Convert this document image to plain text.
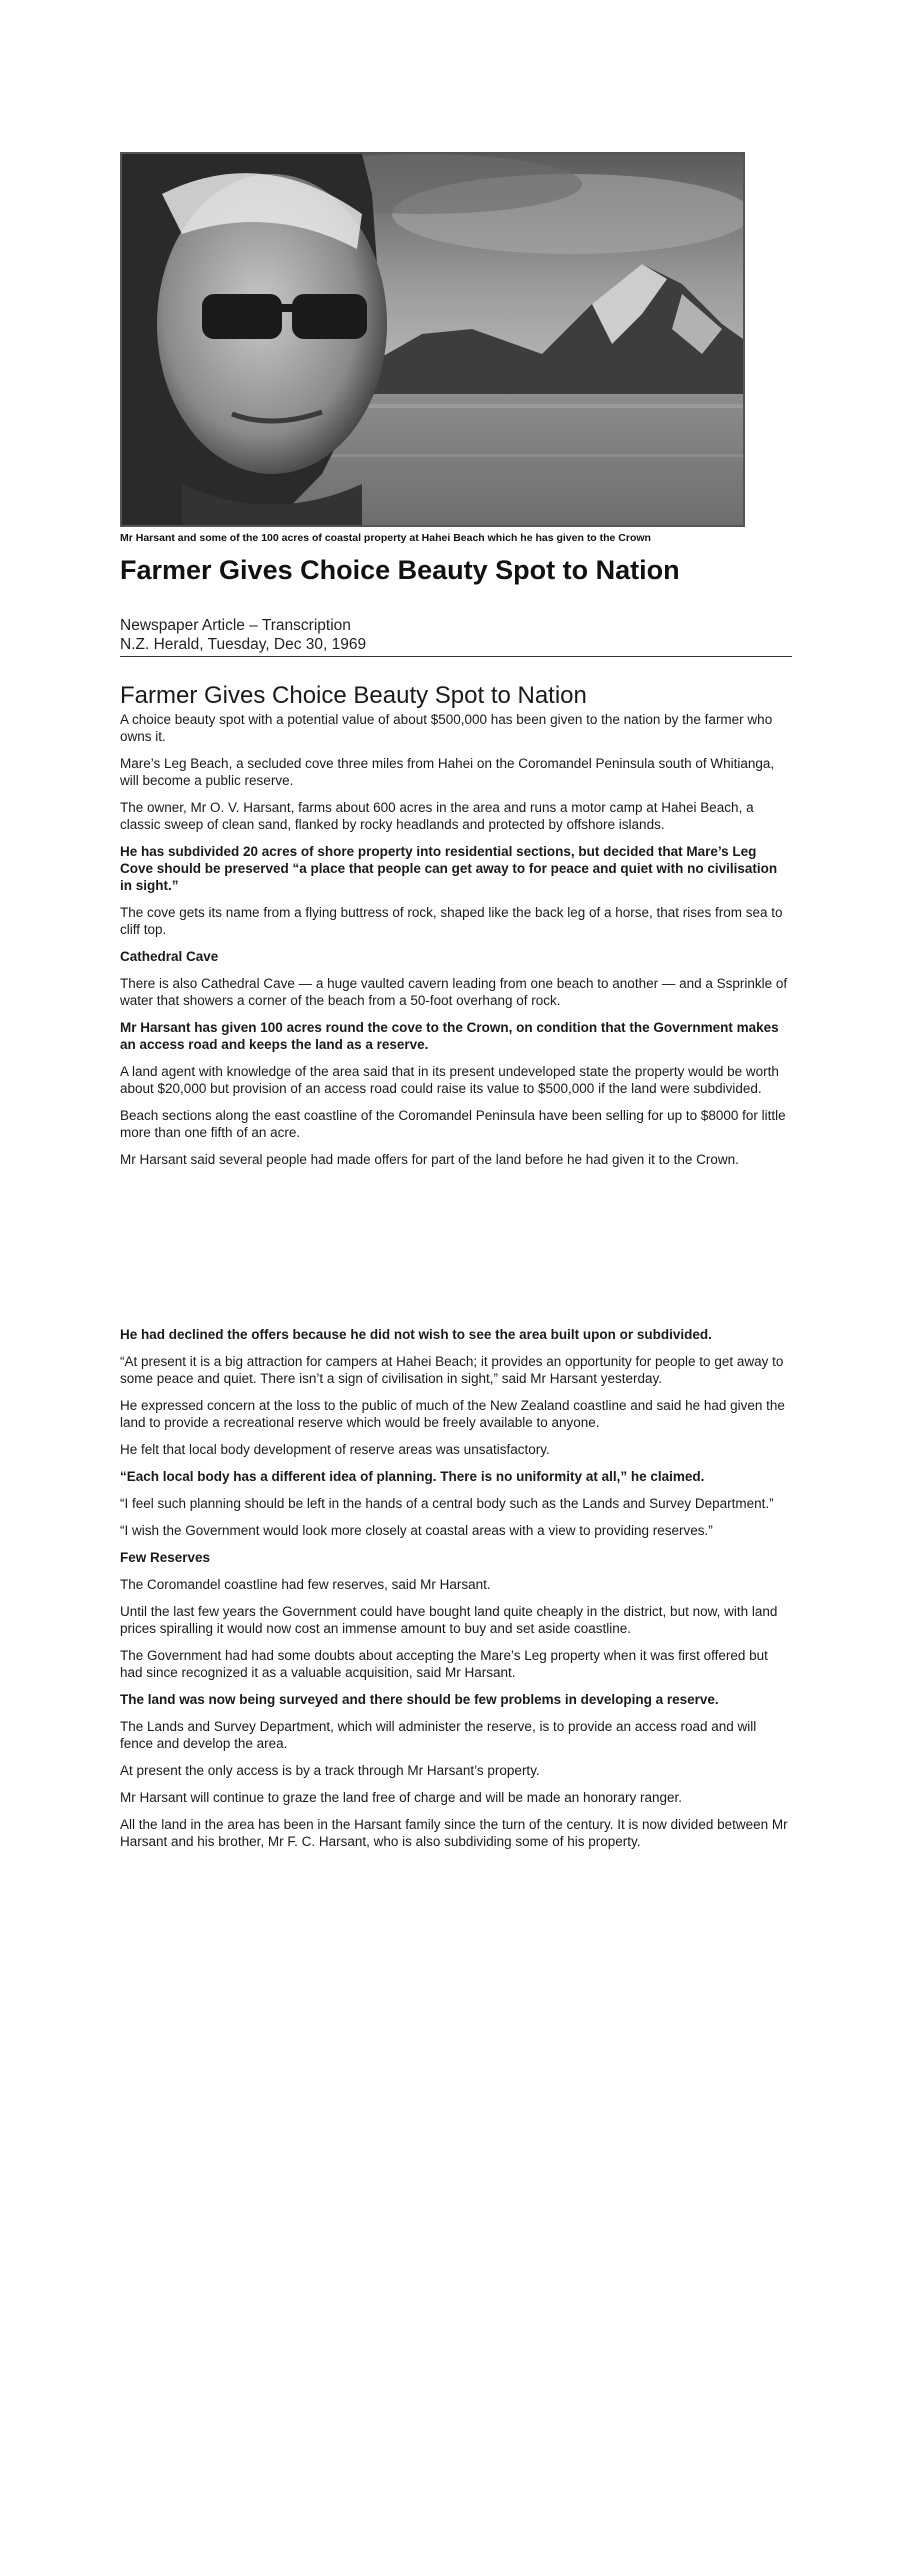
Mr Harsant and some of the 100 acres of coastal property at Hahei Beach which he has given to the Crown
Farmer Gives Choice Beauty Spot to Nation
Newspaper Article – Transcription
N.Z. Herald, Tuesday, Dec 30, 1969
Farmer Gives Choice Beauty Spot to Nation

A choice beauty spot with a potential value of about $500,000 has been given to the nation by the farmer who owns it.

Mare’s Leg Beach, a secluded cove three miles from Hahei on the Coromandel Peninsula south of Whitianga, will become a public reserve.

The owner, Mr O. V. Harsant, farms about 600 acres in the area and runs a motor camp at Hahei Beach, a classic sweep of clean sand, flanked by rocky headlands and protected by offshore islands.

He has subdivided 20 acres of shore property into residential sections, but decided that Mare’s Leg Cove should be preserved “a place that people can get away to for peace and quiet with no civilisation in sight.”

The cove gets its name from a flying buttress of rock, shaped like the back leg of a horse, that rises from sea to cliff top.

Cathedral Cave

There is also Cathedral Cave — a huge vaulted cavern leading from one beach to another — and a Ssprinkle of water that showers a corner of the beach from a 50-foot overhang of rock.

Mr Harsant has given 100 acres round the cove to the Crown, on condition that the Government makes an access road and keeps the land as a reserve.

A land agent with knowledge of the area said that in its present undeveloped state the property would be worth about $20,000 but provision of an access road could raise its value to $500,000 if the land were subdivided.

Beach sections along the east coastline of the Coromandel Peninsula have been selling for up to $8000 for little more than one fifth of an acre.

Mr Harsant said several people had made offers for part of the land before he had given it to the Crown.

He had declined the offers because he did not wish to see the area built upon or subdivided.

“At present it is a big attraction for campers at Hahei Beach; it provides an opportunity for people to get away to some peace and quiet. There isn’t a sign of civilisation in sight,” said Mr Harsant yesterday.

He expressed concern at the loss to the public of much of the New Zealand coastline and said he had given the land to provide a recreational reserve which would be freely available to anyone.

He felt that local body development of reserve areas was unsatisfactory.

“Each local body has a different idea of planning. There is no uniformity at all,” he claimed.

“I feel such planning should be left in the hands of a central body such as the Lands and Survey Department.”

“I wish the Government would look more closely at coastal areas with a view to providing reserves.”

Few Reserves

The Coromandel coastline had few reserves, said Mr Harsant.

Until the last few years the Government could have bought land quite cheaply in the district, but now, with land prices spiralling it would now cost an immense amount to buy and set aside coastline.

The Government had had some doubts about accepting the Mare’s Leg property when it was first offered but had since recognized it as a valuable acquisition, said Mr Harsant.

The land was now being surveyed and there should be few problems in developing a reserve.

The Lands and Survey Department, which will administer the reserve, is to provide an access road and will fence and develop the area.

At present the only access is by a track through Mr Harsant’s property.

Mr Harsant will continue to graze the land free of charge and will be made an honorary ranger.

All the land in the area has been in the Harsant family since the turn of the century. It is now divided between Mr Harsant and his brother, Mr F. C. Harsant, who is also subdividing some of his property.
